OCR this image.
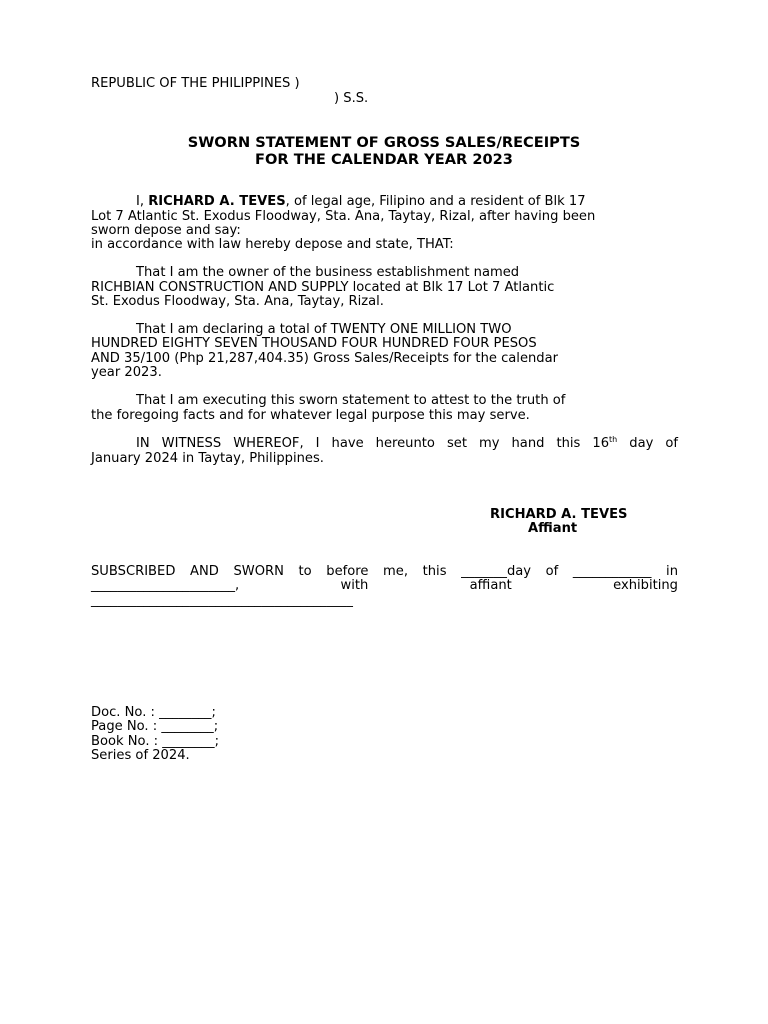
REPUBLIC OF THE PHILIPPINES )

) S.S.

SWORN STATEMENT OF GROSS SALES/RECEIPTS

FOR THE CALENDAR YEAR 2023

I, RICHARD A. TEVES, of legal age, Filipino and a resident of Blk 17

Lot 7 Atlantic St. Exodus Floodway, Sta. Ana, Taytay, Rizal, after having been

sworn depose and say:

in accordance with law hereby depose and state, THAT:

That I am the owner of the business establishment named

RICHBIAN CONSTRUCTION AND SUPPLY located at Blk 17 Lot 7 Atlantic

St. Exodus Floodway, Sta. Ana, Taytay, Rizal.

That I am declaring a total of TWENTY ONE MILLION TWO

HUNDRED EIGHTY SEVEN THOUSAND FOUR HUNDRED FOUR PESOS

AND 35/100 (Php 21,287,404.35) Gross Sales/Receipts for the calendar

year 2023.

That I am executing this sworn statement to attest to the truth of

the foregoing facts and for whatever legal purpose this may serve.

IN WITNESS WHEREOF, I have hereunto set my hand this 16th day of

January 2024 in Taytay, Philippines.

RICHARD A. TEVES

Affiant

SUBSCRIBED AND SWORN to before me, this _______day of ____________ in

______________________, with affiant exhibiting

________________________________________

Doc. No. : ________;

Page No. : ________;

Book No. : ________;

Series of 2024.
